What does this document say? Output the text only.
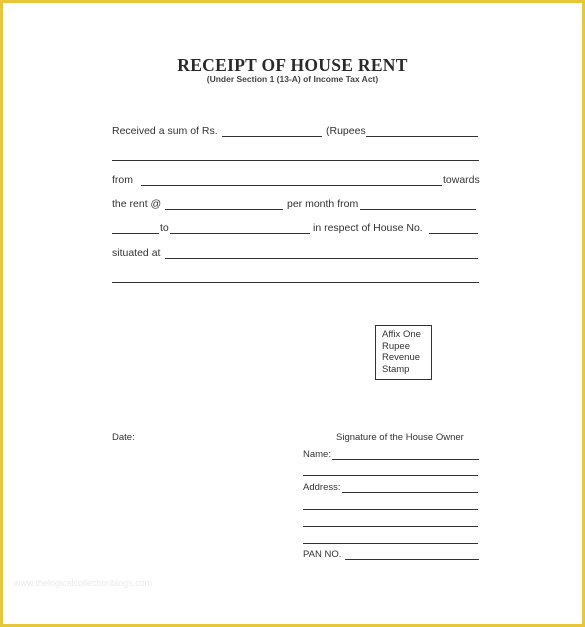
RECEIPT OF HOUSE RENT
(Under Section 1 (13-A) of Income Tax Act)
Received a sum of Rs.	(Rupees
from	towards
the rent @	per month from
to	in respect of House No.
situated at
Affix One
Rupee
Revenue
Stamp
Date:	Signature of the House Owner
Name:
Address:
PAN NO.
www.thelogicalcollectionblogs.com
